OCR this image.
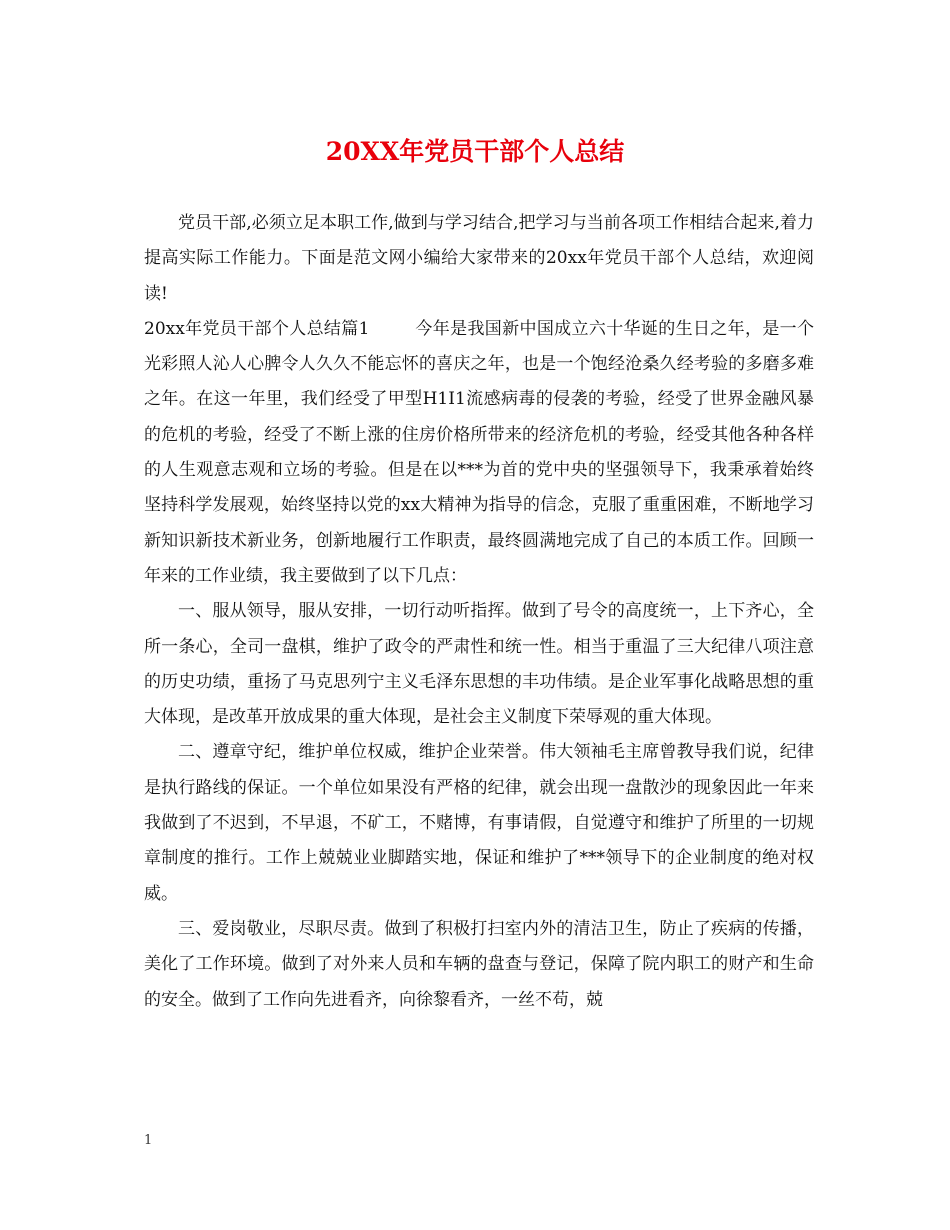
20XX年党员干部个人总结

党员干部,必须立足本职工作,做到与学习结合,把学习与当前各项工作相结合起来,着力提高实际工作能力。下面是范文网小编给大家带来的20xx年党员干部个人总结，欢迎阅读!

20xx年党员干部个人总结篇1	今年是我国新中国成立六十华诞的生日之年，是一个光彩照人沁人心脾令人久久不能忘怀的喜庆之年，也是一个饱经沧桑久经考验的多磨多难之年。在这一年里，我们经受了甲型H1I1流感病毒的侵袭的考验，经受了世界金融风暴的危机的考验，经受了不断上涨的住房价格所带来的经济危机的考验，经受其他各种各样的人生观意志观和立场的考验。但是在以***为首的党中央的坚强领导下，我秉承着始终坚持科学发展观，始终坚持以党的xx大精神为指导的信念，克服了重重困难，不断地学习新知识新技术新业务，创新地履行工作职责，最终圆满地完成了自己的本质工作。回顾一年来的工作业绩，我主要做到了以下几点：

一、服从领导，服从安排，一切行动听指挥。做到了号令的高度统一，上下齐心，全所一条心，全司一盘棋，维护了政令的严肃性和统一性。相当于重温了三大纪律八项注意的历史功绩，重扬了马克思列宁主义毛泽东思想的丰功伟绩。是企业军事化战略思想的重大体现，是改革开放成果的重大体现，是社会主义制度下荣辱观的重大体现。

二、遵章守纪，维护单位权威，维护企业荣誉。伟大领袖毛主席曾教导我们说，纪律是执行路线的保证。一个单位如果没有严格的纪律，就会出现一盘散沙的现象因此一年来我做到了不迟到，不早退，不矿工，不赌博，有事请假，自觉遵守和维护了所里的一切规章制度的推行。工作上兢兢业业脚踏实地，保证和维护了***领导下的企业制度的绝对权威。

三、爱岗敬业，尽职尽责。做到了积极打扫室内外的清洁卫生，防止了疾病的传播，美化了工作环境。做到了对外来人员和车辆的盘查与登记，保障了院内职工的财产和生命的安全。做到了工作向先进看齐，向徐黎看齐，一丝不苟，兢

1
